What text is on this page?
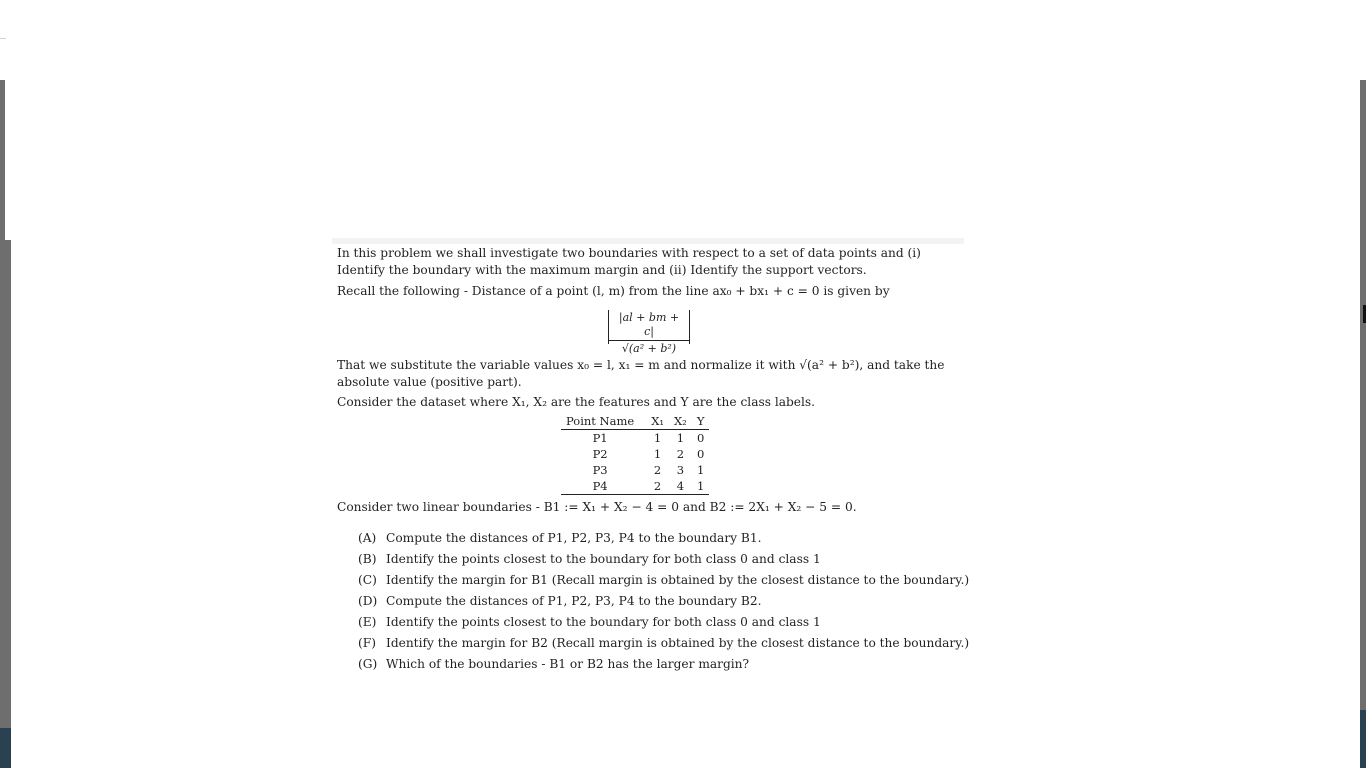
In this problem we shall investigate two boundaries with respect to a set of data points and (i) Identify the boundary with the maximum margin and (ii) Identify the support vectors.

Recall the following - Distance of a point (l, m) from the line ax₀ + bx₁ + c = 0 is given by

$\frac{|al + bm + c|}{\text{√(a² + b²)}}$

That we substitute the variable values x₀ = l, x₁ = m and normalize it with √(a² + b²), and take the absolute value (positive part).

Consider the dataset where X₁, X₂ are the features and Y are the class labels.

Point Name	X₁	X₂	Y
P1	1	1	0
P2	1	2	0
P3	2	3	1
P4	2	4	1

Consider two linear boundaries - B1 := X₁ + X₂ − 4 = 0 and B2 := 2X₁ + X₂ − 5 = 0.

(A) Compute the distances of P1, P2, P3, P4 to the boundary B1.
(B) Identify the points closest to the boundary for both class 0 and class 1
(C) Identify the margin for B1 (Recall margin is obtained by the closest distance to the boundary.)
(D) Compute the distances of P1, P2, P3, P4 to the boundary B2.
(E) Identify the points closest to the boundary for both class 0 and class 1
(F) Identify the margin for B2 (Recall margin is obtained by the closest distance to the boundary.)
(G) Which of the boundaries - B1 or B2 has the larger margin?
